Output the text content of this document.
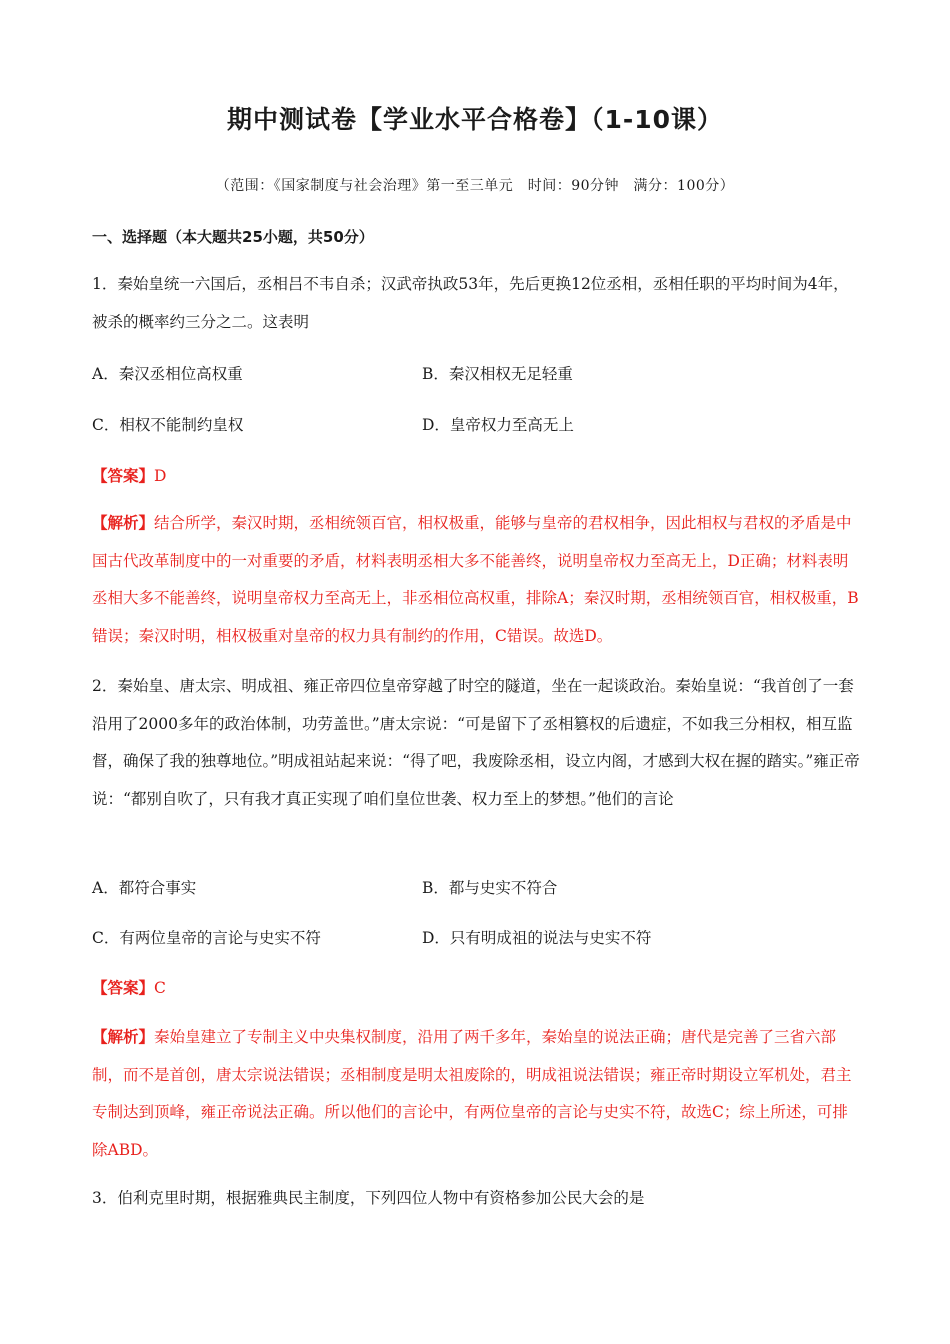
期中测试卷【学业水平合格卷】（1-10课）
（范围：《国家制度与社会治理》第一至三单元　时间：90分钟　满分：100分）
一、选择题（本大题共25小题，共50分）
1．秦始皇统一六国后，丞相吕不韦自杀；汉武帝执政53年，先后更换12位丞相，丞相任职的平均时间为4年，被杀的概率约三分之二。这表明
A．秦汉丞相位高权重	B．秦汉相权无足轻重
C．相权不能制约皇权	D．皇帝权力至高无上
【答案】D
【解析】结合所学，秦汉时期，丞相统领百官，相权极重，能够与皇帝的君权相争，因此相权与君权的矛盾是中国古代改革制度中的一对重要的矛盾，材料表明丞相大多不能善终，说明皇帝权力至高无上，D正确；材料表明丞相大多不能善终，说明皇帝权力至高无上，非丞相位高权重，排除A；秦汉时期，丞相统领百官，相权极重，B错误；秦汉时明，相权极重对皇帝的权力具有制约的作用，C错误。故选D。
2．秦始皇、唐太宗、明成祖、雍正帝四位皇帝穿越了时空的隧道，坐在一起谈政治。秦始皇说：“我首创了一套沿用了2000多年的政治体制，功劳盖世。”唐太宗说：“可是留下了丞相篡权的后遗症，不如我三分相权，相互监督，确保了我的独尊地位。”明成祖站起来说：“得了吧，我废除丞相，设立内阁，才感到大权在握的踏实。”雍正帝说：“都别自吹了，只有我才真正实现了咱们皇位世袭、权力至上的梦想。”他们的言论
A．都符合事实	B．都与史实不符合
C．有两位皇帝的言论与史实不符	D．只有明成祖的说法与史实不符
【答案】C
【解析】秦始皇建立了专制主义中央集权制度，沿用了两千多年，秦始皇的说法正确；唐代是完善了三省六部制，而不是首创，唐太宗说法错误；丞相制度是明太祖废除的，明成祖说法错误；雍正帝时期设立军机处，君主专制达到顶峰，雍正帝说法正确。所以他们的言论中，有两位皇帝的言论与史实不符，故选C；综上所述，可排除ABD。
3．伯利克里时期，根据雅典民主制度，下列四位人物中有资格参加公民大会的是
